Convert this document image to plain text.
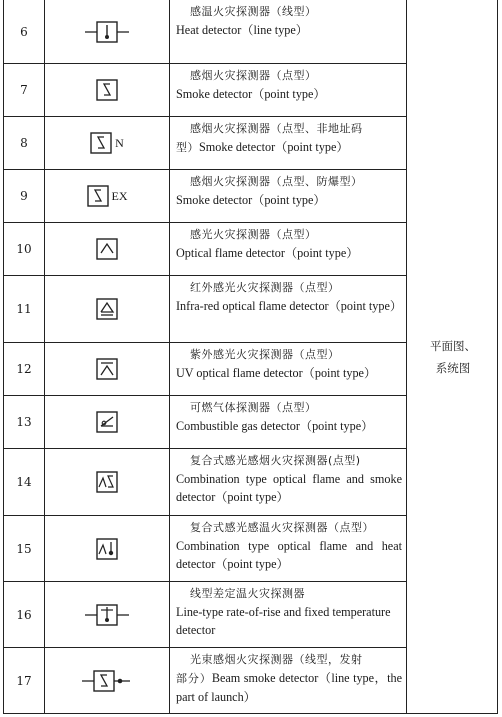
6
感温火灾探测器（线型）
Heat detector（line type）
7
感烟火灾探测器（点型）
Smoke detector（point type）
8	N
感烟火灾探测器（点型、非地址码
型）Smoke detector（point type）
9	EX
感烟火灾探测器（点型、防爆型）
Smoke detector（point type）
10
感光火灾探测器（点型）
Optical flame detector（point type）
11
红外感光火灾探测器（点型）
Infra-red optical flame detector（point type）
12
紫外感光火灾探测器（点型）
UV optical flame detector（point type）
13
可燃气体探测器（点型）
Combustible gas detector（point type）
14
复合式感光感烟火灾探测器(点型)
Combination type optical flame and smoke detector（point type）
15
复合式感光感温火灾探测器（点型）
Combination type optical flame and heat detector（point type）
16
线型差定温火灾探测器
Line-type rate-of-rise and fixed temperature detector
17
光束感烟火灾探测器（线型，发射
部分）Beam smoke detector（line type，the part of launch）
平面图、
系统图
